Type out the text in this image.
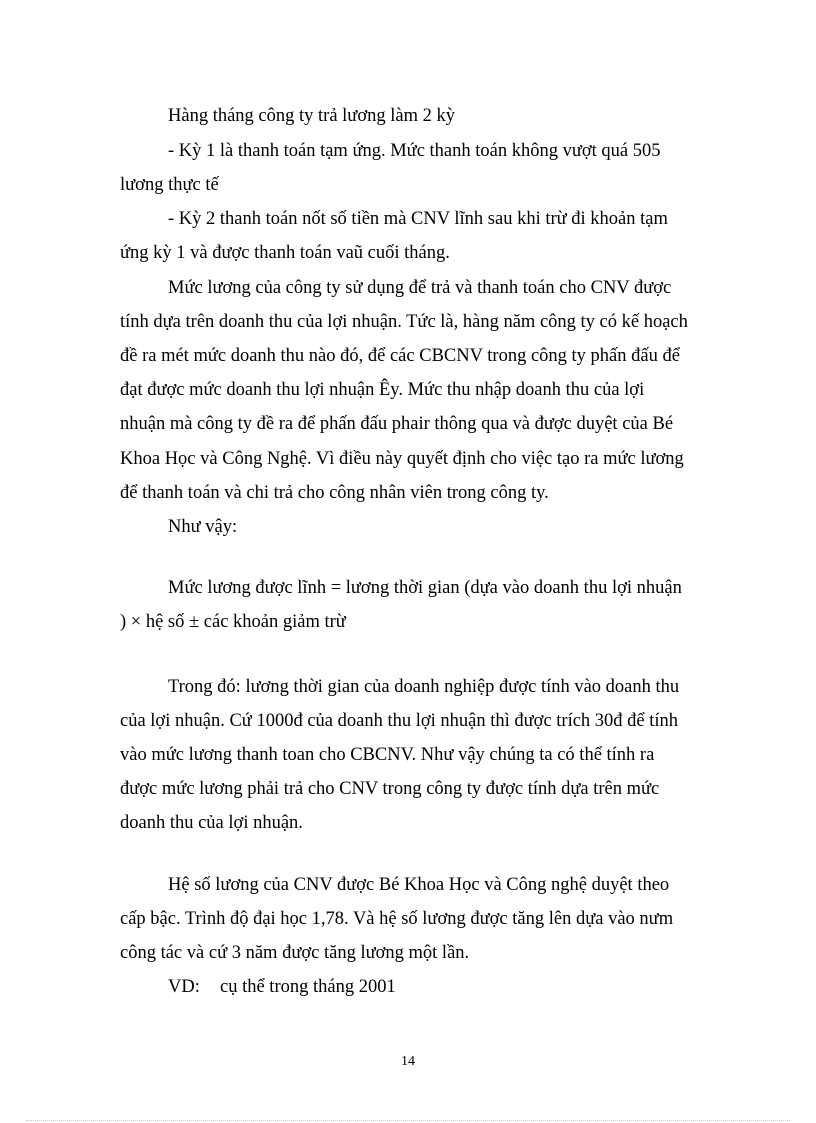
Hàng tháng công ty trả lương làm 2 kỳ
- Kỳ 1 là thanh toán tạm ứng. Mức thanh toán không vượt quá 505
lương thực tế
- Kỳ 2 thanh toán nốt số tiền mà CNV lĩnh sau khi trừ đi khoản tạm
ứng kỳ 1 và được thanh toán vaũ cuối tháng.
Mức lương của công ty sử dụng để trả và thanh toán cho CNV được
tính dựa trên doanh thu của lợi nhuận. Tức là, hàng năm công ty có kế hoạch
đề ra mét mức doanh thu nào đó, để các CBCNV trong công ty phấn đấu để
đạt được mức doanh thu lợi nhuận Êy. Mức thu nhập doanh thu của lợi
nhuận mà công ty đề ra để phấn đấu phair thông qua và được duyệt của Bé
Khoa Học và Công Nghệ. Vì điều này quyết định cho việc tạo ra mức lương
để thanh toán và chi trả cho công nhân viên trong công ty.
Như vậy:
Mức lương được lĩnh = lương thời gian (dựa vào doanh thu lợi nhuận
) × hệ số ± các khoản giảm trừ
Trong đó: lương thời gian của doanh nghiệp được tính vào doanh thu
của lợi nhuận. Cứ 1000đ của doanh thu lợi nhuận thì được trích 30đ để tính
vào mức lương thanh toan cho CBCNV. Như vậy chúng ta có thể tính ra
được mức lương phải trả cho CNV trong công ty được tính dựa trên mức
doanh thu của lợi nhuận.
Hệ số lương của CNV được Bé Khoa Học và Công nghệ duyệt theo
cấp bậc. Trình độ đại học 1,78. Và hệ số lương được tăng lên dựa vào nưm
công tác và cứ 3 năm được tăng lương một lần.
VD: cụ thể trong tháng 2001
14
